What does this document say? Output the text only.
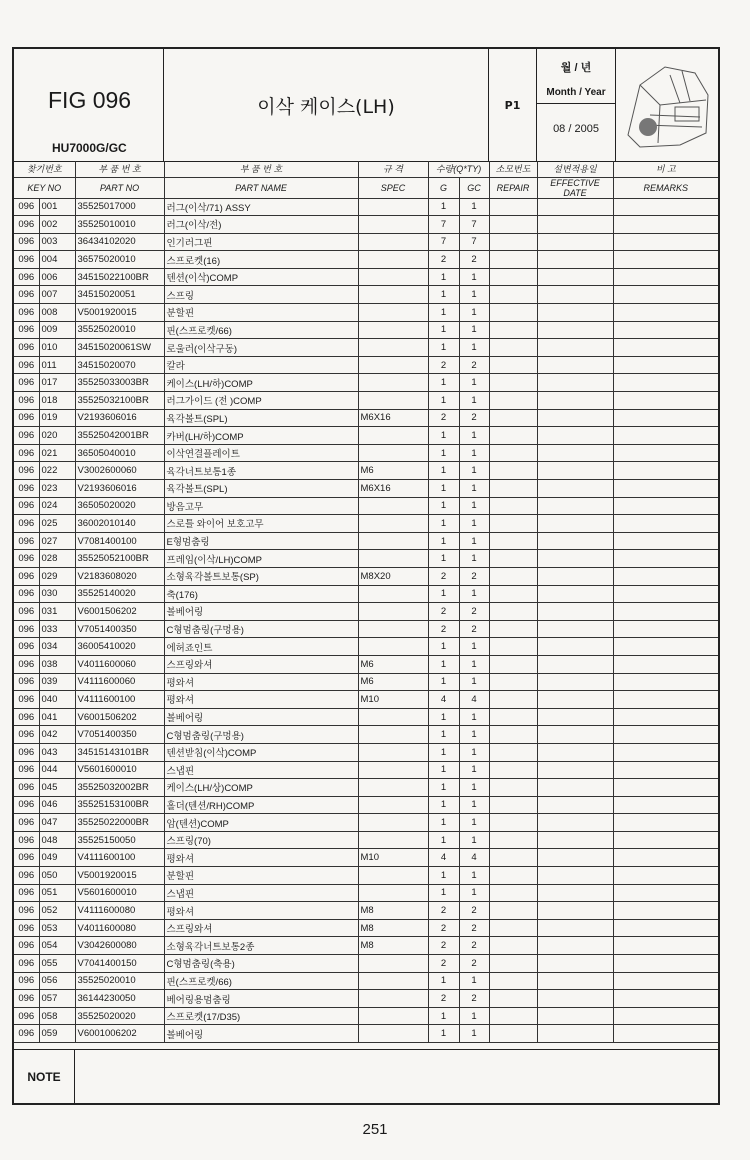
FIG 096
HU7000G/GC
이삭 케이스(LH)	P1
월 / 년
Month / Year
08 / 2005
찾기번호		부 품 번 호	부 품 번 호	규 격	수량(Q*TY)		소모번도	설변적용일	비 고
KEY NO		PART NO	PART NAME	SPEC	G	GC	REPAIR	EFFECTIVE DATE	REMARKS
096	001	35525017000	러그(이삭/71) ASSY		1	1			
096	002	35525010010	러그(이삭/전)		7	7			
096	003	36434102020	인기러그핀		7	7			
096	004	36575020010	스프로켓(16)		2	2			
096	006	34515022100BR	텐션(이삭)COMP		1	1			
096	007	34515020051	스프링		1	1			
096	008	V5001920015	분할핀		1	1			
096	009	35525020010	핀(스프로켓/66)		1	1			
096	010	34515020061SW	로울러(이삭구동)		1	1			
096	011	34515020070	칼라		2	2			
096	017	35525033003BR	케이스(LH/하)COMP		1	1			
096	018	35525032100BR	러그가이드 (전 )COMP		1	1			
096	019	V2193606016	육각볼트(SPL)	M6X16	2	2			
096	020	35525042001BR	카버(LH/하)COMP		1	1			
096	021	36505040010	이삭연결플레이트		1	1			
096	022	V3002600060	육각너트보통1종	M6	1	1			
096	023	V2193606016	육각볼트(SPL)	M6X16	1	1			
096	024	36505020020	방음고무		1	1			
096	025	36002010140	스로틀 와이어 보호고무		1	1			
096	027	V7081400100	E형멈춤링		1	1			
096	028	35525052100BR	프레임(이삭/LH)COMP		1	1			
096	029	V2183608020	소형육각볼트보통(SP)	M8X20	2	2			
096	030	35525140020	축(176)		1	1			
096	031	V6001506202	볼베어링		2	2			
096	033	V7051400350	C형멈춤링(구멍용)		2	2			
096	034	36005410020	에허죠인트		1	1			
096	038	V4011600060	스프링와셔	M6	1	1			
096	039	V4111600060	평와셔	M6	1	1			
096	040	V4111600100	평와셔	M10	4	4			
096	041	V6001506202	볼베어링		1	1			
096	042	V7051400350	C형멈춤링(구멍용)		1	1			
096	043	34515143101BR	텐션받침(이삭)COMP		1	1			
096	044	V5601600010	스냅핀		1	1			
096	045	35525032002BR	케이스(LH/상)COMP		1	1			
096	046	35525153100BR	홀더(텐션/RH)COMP		1	1			
096	047	35525022000BR	암(텐션)COMP		1	1			
096	048	35525150050	스프링(70)		1	1			
096	049	V4111600100	평와셔	M10	4	4			
096	050	V5001920015	분할핀		1	1			
096	051	V5601600010	스냅핀		1	1			
096	052	V4111600080	평와셔	M8	2	2			
096	053	V4011600080	스프링와셔	M8	2	2			
096	054	V3042600080	소형육각너트보통2종	M8	2	2			
096	055	V7041400150	C형멈춤링(축용)		2	2			
096	056	35525020010	핀(스프로켓/66)		1	1			
096	057	36144230050	베어링용멈춤링		2	2			
096	058	35525020020	스프로켓(17/D35)		1	1			
096	059	V6001006202	볼베어링		1	1			
NOTE
251
